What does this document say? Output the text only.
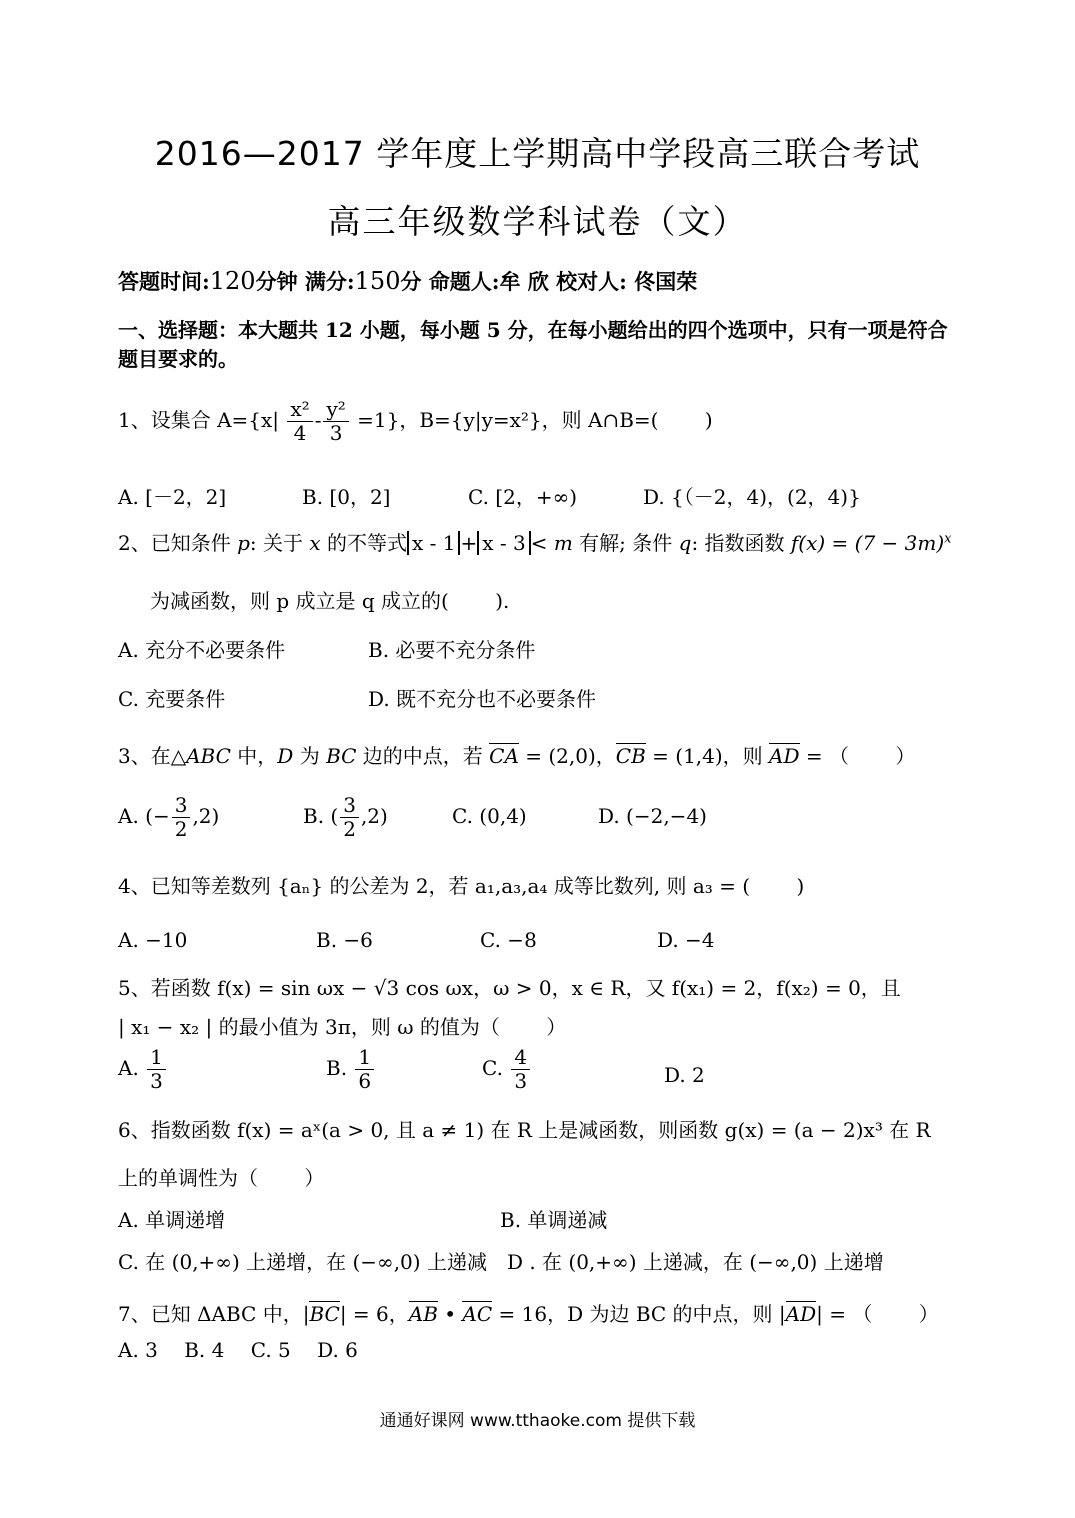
2016—2017 学年度上学期高中学段高三联合考试
高三年级数学科试卷（文）
答题时间:120分钟 满分:150分 命题人:牟 欣 校对人: 佟国荣
一、选择题：本大题共 12 小题，每小题 5 分，在每小题给出的四个选项中，只有一项是符合题目要求的。
1、设集合 $A=\{x| \frac{\text{x²}}{4} - \frac{\text{y²}}{3} =1\}$，B={y|y=x²}，则 A∩B=(　　 )
A. [－2，2]	B. [0，2]	C. [2，+∞)	D. {（－2，4)，(2，4)}
2、已知条件 p: 关于 x 的不等式 x - 1 + x - 3 < m 有解; 条件 q: 指数函数 $f(x) = (7 - 3m)^x$
为减函数，则 p 成立是 q 成立的(　　 ).
A. 充分不必要条件	B. 必要不充分条件
C. 充要条件	D. 既不充分也不必要条件
3、在△ABC 中，D 为 BC 边的中点，若 CA = (2,0)，CB = (1,4)，则 AD = （　　 ）
A. (− $\frac{3}{2} ,2$)	B. ( $\frac{3}{2} ,2$)	C. (0,4)	D. (−2,−4)
4、已知等差数列 {aₙ} 的公差为 2，若 a₁,a₃,a₄ 成等比数列, 则 a₃ = (　　 )
A. −10	B. −6	C. −8	D. −4
5、若函数 f(x) = sin ωx − √3 cos ωx，ω > 0，x ∈ R，又 f(x₁) = 2，f(x₂) = 0，且
| x₁ − x₂ | 的最小值为 3π，则 ω 的值为（　　 ）
A. $\frac{1}{3}$	B. $\frac{1}{6}$	C. $\frac{4}{3}$	D. 2
6、指数函数 f(x) = aˣ(a > 0, 且 a ≠ 1) 在 R 上是减函数，则函数 g(x) = (a − 2)x³ 在 R
上的单调性为（　　 ）
A. 单调递增	B. 单调递减
C. 在 (0,+∞) 上递增，在 (−∞,0) 上递减　D . 在 (0,+∞) 上递减，在 (−∞,0) 上递增
7、已知 ΔABC 中，|BC| = 6，AB • AC = 16，D 为边 BC 的中点，则 |AD| = （　　 ）
A. 3　 B. 4　 C. 5　 D. 6
通通好课网 www.tthaoke.com 提供下载
